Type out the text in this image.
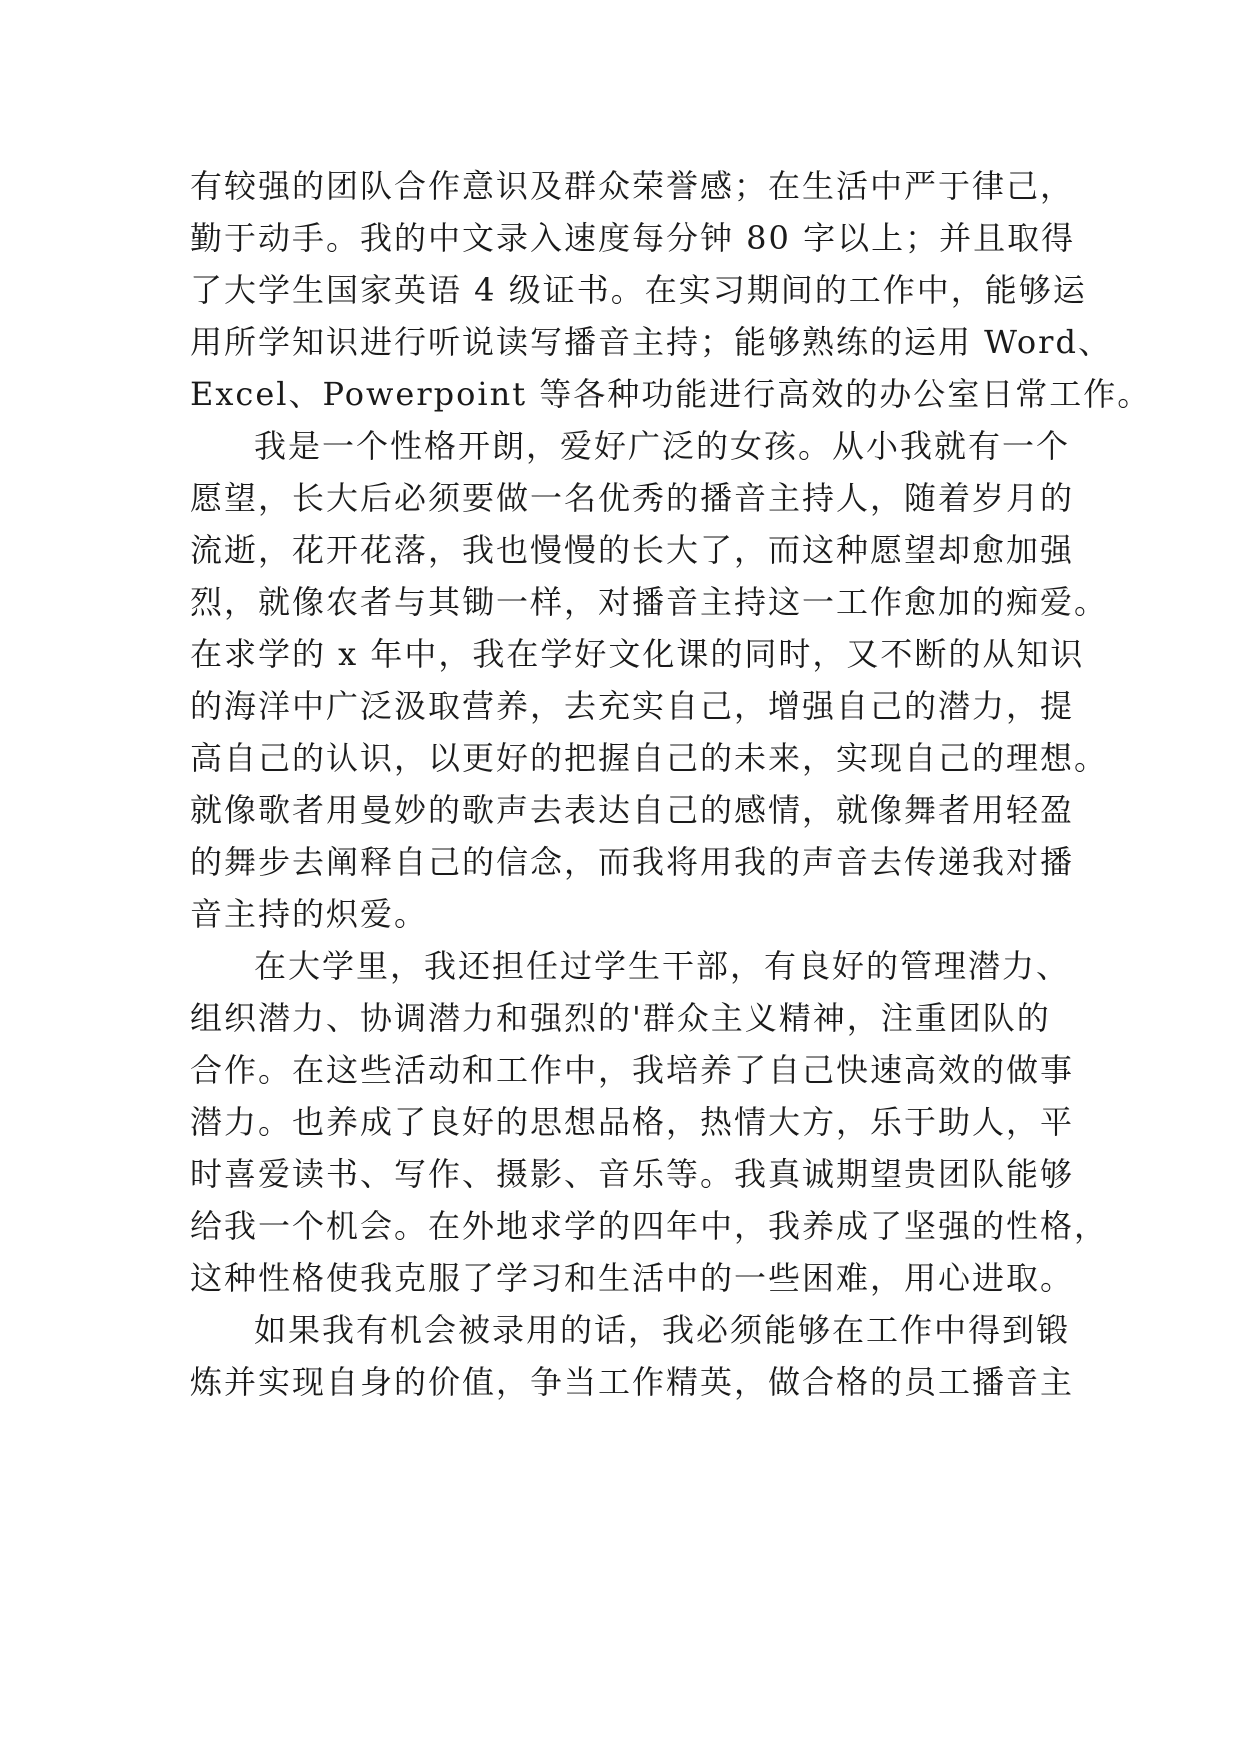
有较强的团队合作意识及群众荣誉感；在生活中严于律己，
勤于动手。我的中文录入速度每分钟 80 字以上；并且取得
了大学生国家英语 4 级证书。在实习期间的工作中，能够运
用所学知识进行听说读写播音主持；能够熟练的运用 Word、
Excel、Powerpoint 等各种功能进行高效的办公室日常工作。
我是一个性格开朗，爱好广泛的女孩。从小我就有一个
愿望，长大后必须要做一名优秀的播音主持人，随着岁月的
流逝，花开花落，我也慢慢的长大了，而这种愿望却愈加强
烈，就像农者与其锄一样，对播音主持这一工作愈加的痴爱。
在求学的 x 年中，我在学好文化课的同时，又不断的从知识
的海洋中广泛汲取营养，去充实自己，增强自己的潜力，提
高自己的认识，以更好的把握自己的未来，实现自己的理想。
就像歌者用曼妙的歌声去表达自己的感情，就像舞者用轻盈
的舞步去阐释自己的信念，而我将用我的声音去传递我对播
音主持的炽爱。
在大学里，我还担任过学生干部，有良好的管理潜力、
组织潜力、协调潜力和强烈的'群众主义精神，注重团队的
合作。在这些活动和工作中，我培养了自己快速高效的做事
潜力。也养成了良好的思想品格，热情大方，乐于助人，平
时喜爱读书、写作、摄影、音乐等。我真诚期望贵团队能够
给我一个机会。在外地求学的四年中，我养成了坚强的性格，
这种性格使我克服了学习和生活中的一些困难，用心进取。
如果我有机会被录用的话，我必须能够在工作中得到锻
炼并实现自身的价值，争当工作精英，做合格的员工播音主
